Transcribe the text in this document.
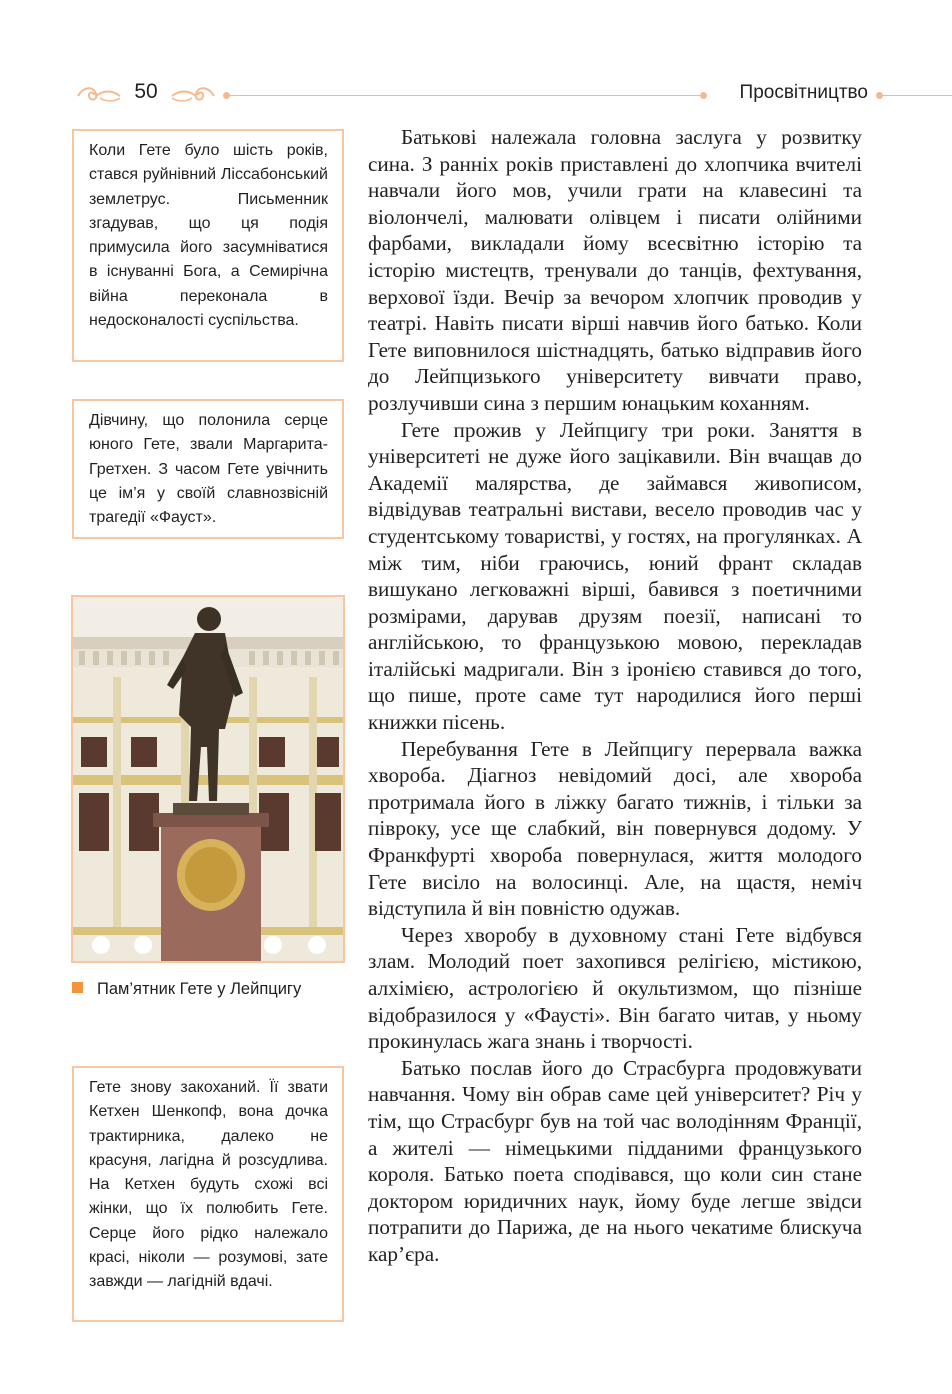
50	Просвітництво
Коли Гете було шість років, стався руйнівний Ліссабонський землетрус. Письменник згадував, що ця подія примусила його засумніватися в існуванні Бога, а Семирічна війна переконала в недосконалості суспільства.
Дівчину, що полонила серце юного Гете, звали Маргарита-Гретхен. З часом Гете увічнить це ім’я у своїй славнозвісній трагедії «Фауст».
Пам’ятник Гете у Лейпцигу
Гете знову закоханий. Її звати Кетхен Шенкопф, вона дочка трактирника, далеко не красуня, лагідна й розсудлива. На Кетхен будуть схожі всі жінки, що їх полюбить Гете. Серце його рідко належало красі, ніколи — розумові, зате завжди — лагідній вдачі.

Батькові належала головна заслуга у розвитку сина. З ранніх років приставлені до хлопчика вчителі навчали його мов, учили грати на клавесині та віолончелі, малювати олівцем і писати олійними фарбами, викладали йому всесвітню історію та історію мистецтв, тренували до танців, фехтування, верхової їзди. Вечір за вечором хлопчик проводив у театрі. Навіть писати вірші навчив його батько. Коли Гете виповнилося шістнадцять, батько відправив його до Лейпцизького університету вивчати право, розлучивши сина з першим юнацьким коханням.

Гете прожив у Лейпцигу три роки. Заняття в університеті не дуже його зацікавили. Він вчащав до Академії малярства, де займався живописом, відвідував театральні вистави, весело проводив час у студентському товаристві, у гостях, на прогулянках. А між тим, ніби граючись, юний франт складав вишукано легковажні вірші, бавився з поетичними розмірами, дарував друзям поезії, написані то англійською, то французькою мовою, перекладав італійські мадригали. Він з іронією ставився до того, що пише, проте саме тут народилися його перші книжки пісень.

Перебування Гете в Лейпцигу перервала важка хвороба. Діагноз невідомий досі, але хвороба протримала його в ліжку багато тижнів, і тільки за півроку, усе ще слабкий, він повернувся додому. У Франкфурті хвороба повернулася, життя молодого Гете висіло на волосинці. Але, на щастя, неміч відступила й він повністю одужав.

Через хворобу в духовному стані Гете відбувся злам. Молодий поет захопився релігією, містикою, алхімією, астрологією й окультизмом, що пізніше відобразилося у «Фаусті». Він багато читав, у ньому прокинулась жага знань і творчості.

Батько послав його до Страсбурга продовжувати навчання. Чому він обрав саме цей університет? Річ у тім, що Страсбург був на той час володінням Франції, а жителі — німецькими підданими французького короля. Батько поета сподівався, що коли син стане доктором юридичних наук, йому буде легше звідси потрапити до Парижа, де на нього чекатиме блискуча кар’єра.
